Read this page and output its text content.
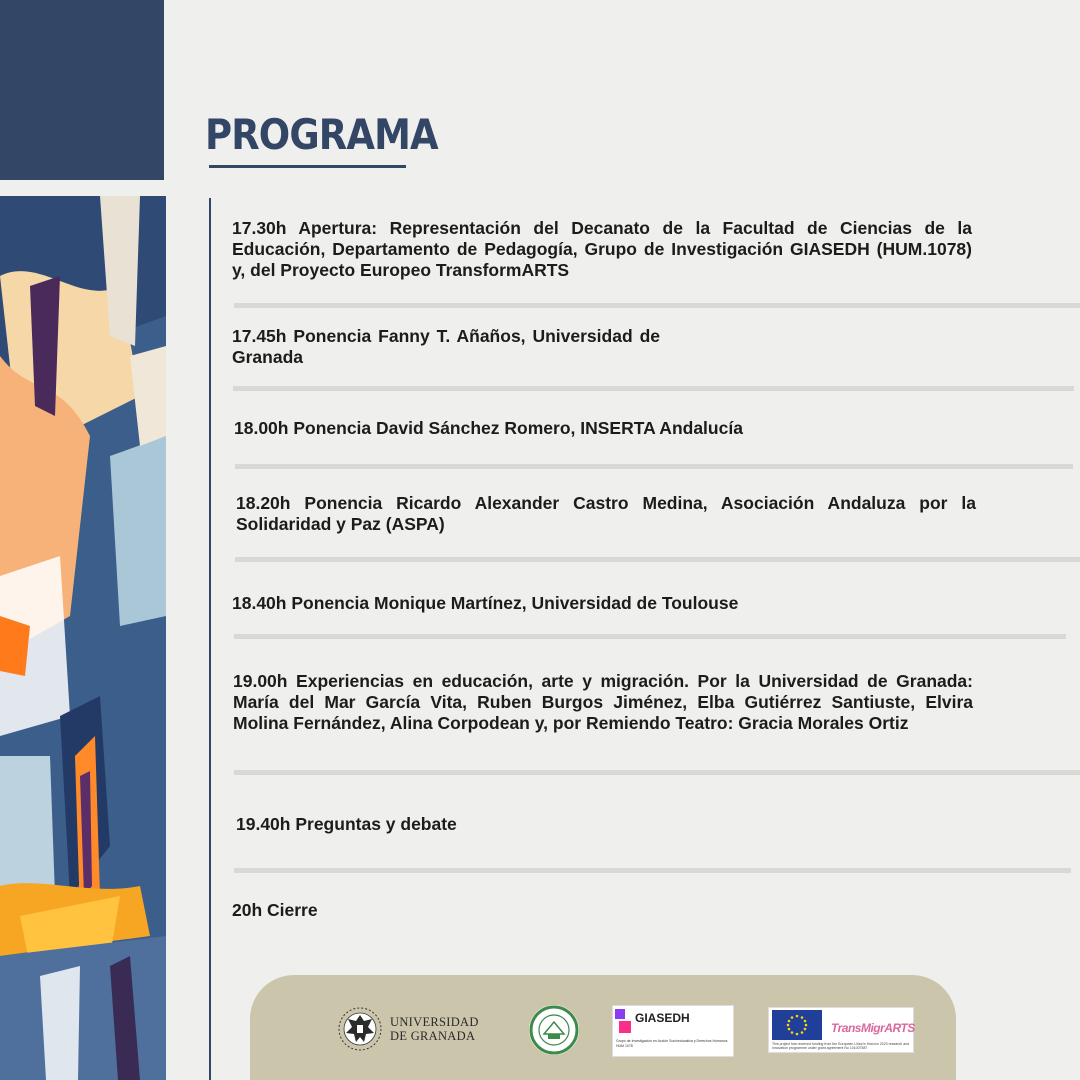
PROGRAMA
17.30h Apertura: Representación del Decanato de la Facultad de Ciencias de la Educación, Departamento de Pedagogía, Grupo de Investigación GIASEDH (HUM.1078) y, del Proyecto Europeo TransformARTS
17.45h Ponencia Fanny T. Añaños, Universidad de Granada
18.00h Ponencia David Sánchez Romero, INSERTA Andalucía
18.20h Ponencia Ricardo Alexander Castro Medina, Asociación Andaluza por la Solidaridad y Paz (ASPA)
18.40h Ponencia Monique Martínez, Universidad de Toulouse
19.00h Experiencias en educación, arte y migración. Por la Universidad de Granada: María del Mar García Vita, Ruben Burgos Jiménez, Elba Gutiérrez Santiuste, Elvira Molina Fernández, Alina Corpodean y, por Remiendo Teatro: Gracia Morales Ortiz
19.40h Preguntas y debate
20h Cierre
UNIVERSIDAD
DE GRANADA
GIASEDH
Grupo de Investigación en Acción Socioeducativa y Derechos Humanos HUM 1078
TransMigrARTS
This project has received funding from the European Union's Horizon 2020 research and innovation programme under grant agreement No 101007587
